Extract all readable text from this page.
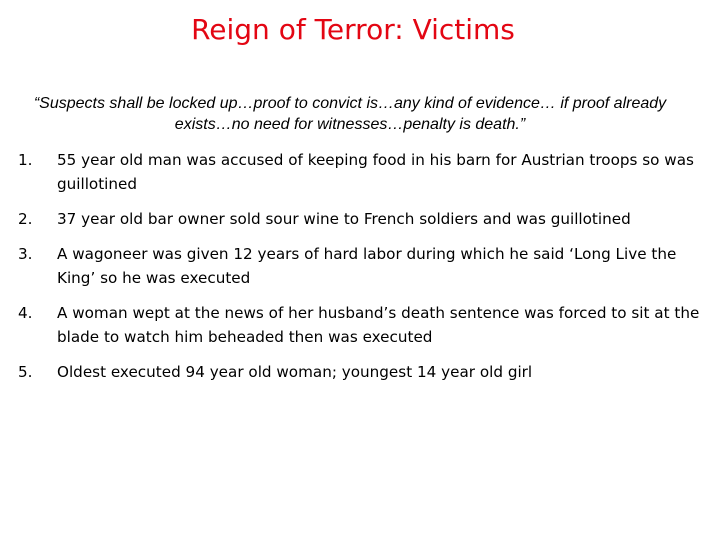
Reign of Terror: Victims
“Suspects shall be locked up…proof to convict is…any kind of evidence… if proof already exists…no need for witnesses…penalty is death.”
1.	55 year old man was accused of keeping food in his barn for Austrian troops so was guillotined
2.	37 year old bar owner sold sour wine to French soldiers and was guillotined
3.	A wagoneer was given 12 years of hard labor during which he said ‘Long Live the King’ so he was executed
4.	A woman wept at the news of her husband’s death sentence was forced to sit at the blade to watch him beheaded then was executed
5.	Oldest executed 94 year old woman; youngest 14 year old girl
